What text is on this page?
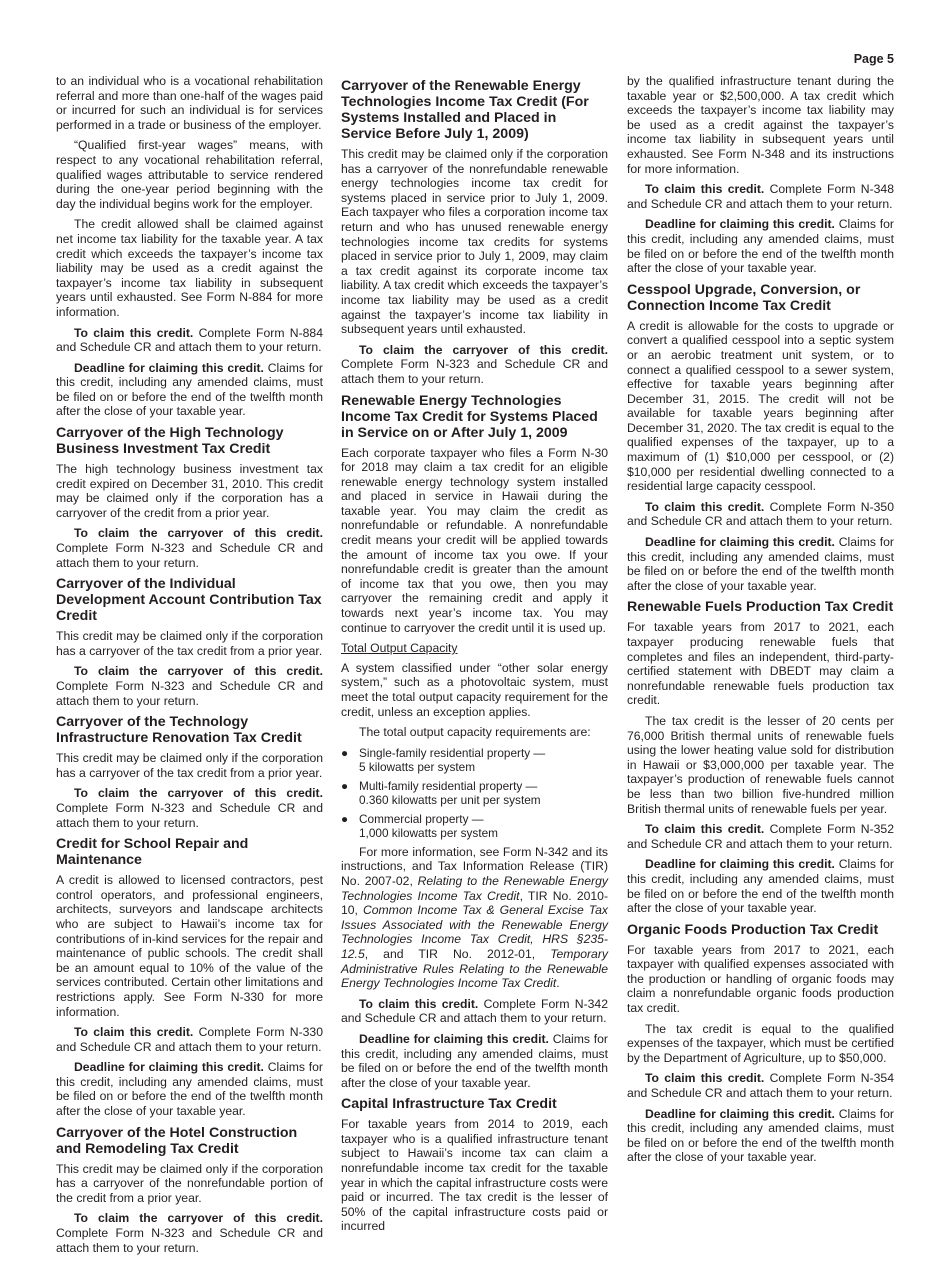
Page 5

to an individual who is a vocational rehabilitation referral and more than one-half of the wages paid or incurred for such an individual is for services performed in a trade or business of the employer.

“Qualified first-year wages” means, with respect to any vocational rehabilitation referral, qualified wages attributable to service rendered during the one-year period beginning with the day the individual begins work for the employer.

The credit allowed shall be claimed against net income tax liability for the taxable year. A tax credit which exceeds the taxpayer’s income tax liability may be used as a credit against the taxpayer’s income tax liability in subsequent years until exhausted. See Form N-884 for more information.

To claim this credit. Complete Form N-884 and Schedule CR and attach them to your return.

Deadline for claiming this credit. Claims for this credit, including any amended claims, must be filed on or before the end of the twelfth month after the close of your taxable year.

Carryover of the High Technology Business Investment Tax Credit

The high technology business investment tax credit expired on December 31, 2010. This credit may be claimed only if the corporation has a carryover of the credit from a prior year.

To claim the carryover of this credit. Complete Form N-323 and Schedule CR and attach them to your return.

Carryover of the Individual Development Account Contribution Tax Credit

This credit may be claimed only if the corporation has a carryover of the tax credit from a prior year.

To claim the carryover of this credit. Complete Form N-323 and Schedule CR and attach them to your return.

Carryover of the Technology Infrastructure Renovation Tax Credit

This credit may be claimed only if the corporation has a carryover of the tax credit from a prior year.

To claim the carryover of this credit. Complete Form N-323 and Schedule CR and attach them to your return.

Credit for School Repair and Maintenance

A credit is allowed to licensed contractors, pest control operators, and professional engineers, architects, surveyors and landscape architects who are subject to Hawaii’s income tax for contributions of in-kind services for the repair and maintenance of public schools. The credit shall be an amount equal to 10% of the value of the services contributed. Certain other limitations and restrictions apply. See Form N-330 for more information.

To claim this credit. Complete Form N-330 and Schedule CR and attach them to your return.

Deadline for claiming this credit. Claims for this credit, including any amended claims, must be filed on or before the end of the twelfth month after the close of your taxable year.

Carryover of the Hotel Construction and Remodeling Tax Credit

This credit may be claimed only if the corporation has a carryover of the nonrefundable portion of the credit from a prior year.

To claim the carryover of this credit. Complete Form N-323 and Schedule CR and attach them to your return.

Carryover of the Renewable Energy Technologies Income Tax Credit (For Systems Installed and Placed in Service Before July 1, 2009)

This credit may be claimed only if the corporation has a carryover of the nonrefundable renewable energy technologies income tax credit for systems placed in service prior to July 1, 2009. Each taxpayer who files a corporation income tax return and who has unused renewable energy technologies income tax credits for systems placed in service prior to July 1, 2009, may claim a tax credit against its corporate income tax liability. A tax credit which exceeds the taxpayer’s income tax liability may be used as a credit against the taxpayer’s income tax liability in subsequent years until exhausted.

To claim the carryover of this credit. Complete Form N-323 and Schedule CR and attach them to your return.

Renewable Energy Technologies Income Tax Credit for Systems Placed in Service on or After July 1, 2009

Each corporate taxpayer who files a Form N-30 for 2018 may claim a tax credit for an eligible renewable energy technology system installed and placed in service in Hawaii during the taxable year. You may claim the credit as nonrefundable or refundable. A nonrefundable credit means your credit will be applied towards the amount of income tax you owe. If your nonrefundable credit is greater than the amount of income tax that you owe, then you may carryover the remaining credit and apply it towards next year’s income tax. You may continue to carryover the credit until it is used up.

Total Output Capacity

A system classified under “other solar energy system,” such as a photovoltaic system, must meet the total output capacity requirement for the credit, unless an exception applies.

The total output capacity requirements are:

● Single-family residential property —
5 kilowatts per system
● Multi-family residential property —
0.360 kilowatts per unit per system
● Commercial property —
1,000 kilowatts per system

For more information, see Form N-342 and its instructions, and Tax Information Release (TIR) No. 2007-02, Relating to the Renewable Energy Technologies Income Tax Credit, TIR No. 2010-10, Common Income Tax & General Excise Tax Issues Associated with the Renewable Energy Technologies Income Tax Credit, HRS §235-12.5, and TIR No. 2012-01, Temporary Administrative Rules Relating to the Renewable Energy Technologies Income Tax Credit.

To claim this credit. Complete Form N-342 and Schedule CR and attach them to your return.

Deadline for claiming this credit. Claims for this credit, including any amended claims, must be filed on or before the end of the twelfth month after the close of your taxable year.

Capital Infrastructure Tax Credit

For taxable years from 2014 to 2019, each taxpayer who is a qualified infrastructure tenant subject to Hawaii’s income tax can claim a nonrefundable income tax credit for the taxable year in which the capital infrastructure costs were paid or incurred. The tax credit is the lesser of 50% of the capital infrastructure costs paid or incurred

by the qualified infrastructure tenant during the taxable year or $2,500,000. A tax credit which exceeds the taxpayer’s income tax liability may be used as a credit against the taxpayer’s income tax liability in subsequent years until exhausted. See Form N-348 and its instructions for more information.

To claim this credit. Complete Form N-348 and Schedule CR and attach them to your return.

Deadline for claiming this credit. Claims for this credit, including any amended claims, must be filed on or before the end of the twelfth month after the close of your taxable year.

Cesspool Upgrade, Conversion, or Connection Income Tax Credit

A credit is allowable for the costs to upgrade or convert a qualified cesspool into a septic system or an aerobic treatment unit system, or to connect a qualified cesspool to a sewer system, effective for taxable years beginning after December 31, 2015. The credit will not be available for taxable years beginning after December 31, 2020. The tax credit is equal to the qualified expenses of the taxpayer, up to a maximum of (1) $10,000 per cesspool, or (2) $10,000 per residential dwelling connected to a residential large capacity cesspool.

To claim this credit. Complete Form N-350 and Schedule CR and attach them to your return.

Deadline for claiming this credit. Claims for this credit, including any amended claims, must be filed on or before the end of the twelfth month after the close of your taxable year.

Renewable Fuels Production Tax Credit

For taxable years from 2017 to 2021, each taxpayer producing renewable fuels that completes and files an independent, third-party-certified statement with DBEDT may claim a nonrefundable renewable fuels production tax credit.

The tax credit is the lesser of 20 cents per 76,000 British thermal units of renewable fuels using the lower heating value sold for distribution in Hawaii or $3,000,000 per taxable year. The taxpayer’s production of renewable fuels cannot be less than two billion five-hundred million British thermal units of renewable fuels per year.

To claim this credit. Complete Form N-352 and Schedule CR and attach them to your return.

Deadline for claiming this credit. Claims for this credit, including any amended claims, must be filed on or before the end of the twelfth month after the close of your taxable year.

Organic Foods Production Tax Credit

For taxable years from 2017 to 2021, each taxpayer with qualified expenses associated with the production or handling of organic foods may claim a nonrefundable organic foods production tax credit.

The tax credit is equal to the qualified expenses of the taxpayer, which must be certified by the Department of Agriculture, up to $50,000.

To claim this credit. Complete Form N-354 and Schedule CR and attach them to your return.

Deadline for claiming this credit. Claims for this credit, including any amended claims, must be filed on or before the end of the twelfth month after the close of your taxable year.
